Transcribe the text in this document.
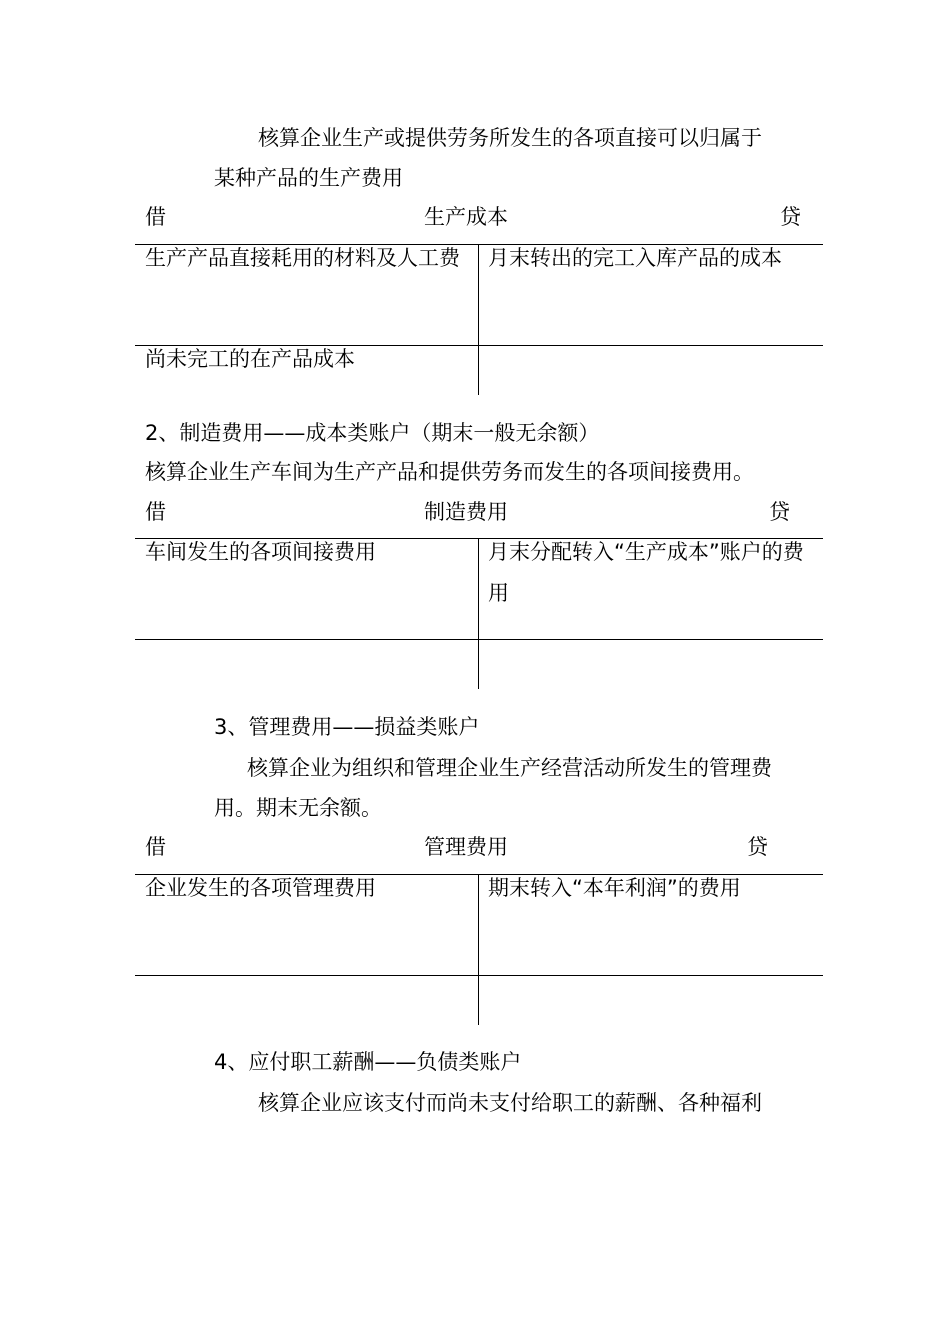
核算企业生产或提供劳务所发生的各项直接可以归属于
某种产品的生产费用
借	生产成本	贷
生产产品直接耗用的材料及人工费	月末转出的完工入库产品的成本
尚未完工的在产品成本
2、制造费用——成本类账户（期末一般无余额）
核算企业生产车间为生产产品和提供劳务而发生的各项间接费用。
借	制造费用	贷
车间发生的各项间接费用	月末分配转入“生产成本”账户的费用
3、管理费用——损益类账户
核算企业为组织和管理企业生产经营活动所发生的管理费
用。期末无余额。
借	管理费用	贷
企业发生的各项管理费用	期末转入“本年利润”的费用
4、应付职工薪酬——负债类账户
核算企业应该支付而尚未支付给职工的薪酬、各种福利
